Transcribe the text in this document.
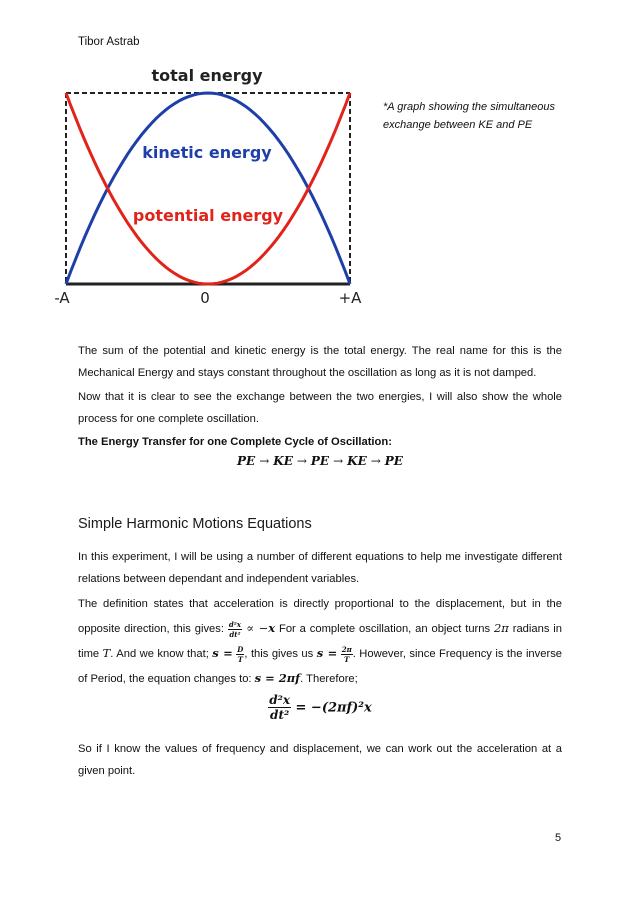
Tibor Astrab
total energy
kinetic energy
potential energy
-A	0	+A
*A graph showing the simultaneous exchange between KE and PE

The sum of the potential and kinetic energy is the total energy. The real name for this is the Mechanical Energy and stays constant throughout the oscillation as long as it is not damped.

Now that it is clear to see the exchange between the two energies, I will also show the whole process for one complete oscillation.

The Energy Transfer for one Complete Cycle of Oscillation:

PE → KE → PE → KE → PE
Simple Harmonic Motions Equations

In this experiment, I will be using a number of different equations to help me investigate different relations between dependant and independent variables.

The definition states that acceleration is directly proportional to the displacement, but in the opposite direction, this gives: $\frac{\text{d²x}}{\text{dt²}} \propto -x$ For a complete oscillation, an object turns 2π radians in time T. And we know that; $s = \frac{D}{T}$ , this gives us $s = \frac{2\pi}{T}$ . However, since Frequency is the inverse of Period, the equation changes to: s = 2πf. Therefore;

$\frac{\text{d²x}}{\text{dt²}} = -(2\pi f)^2x$

So if I know the values of frequency and displacement, we can work out the acceleration at a given point.

5
